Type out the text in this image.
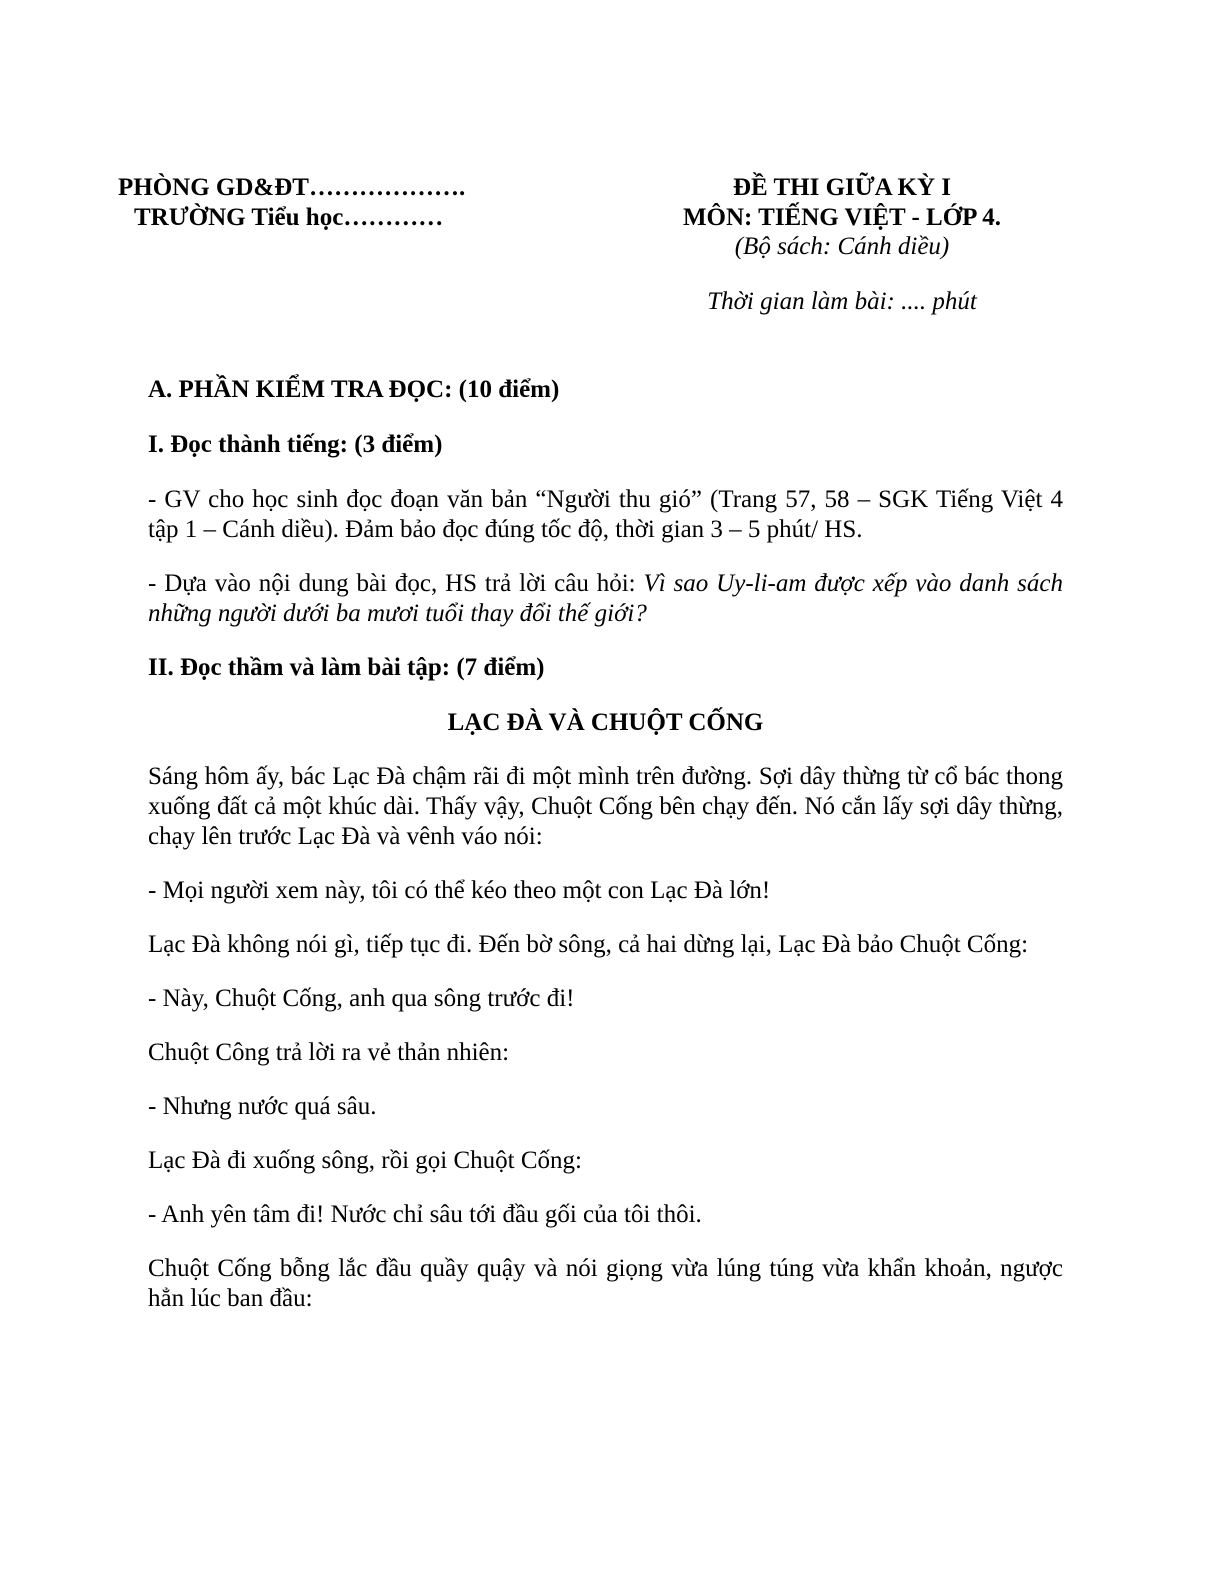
PHÒNG GD&ĐT……………….
TRƯỜNG Tiểu học…………
ĐỀ THI GIỮA KỲ I
MÔN: TIẾNG VIỆT - LỚP 4.
(Bộ sách: Cánh diều)
Thời gian làm bài: .... phút

A. PHẦN KIỂM TRA ĐỌC: (10 điểm)

I. Đọc thành tiếng: (3 điểm)

- GV cho học sinh đọc đoạn văn bản “Người thu gió” (Trang 57, 58 – SGK Tiếng Việt 4 tập 1 – Cánh diều). Đảm bảo đọc đúng tốc độ, thời gian 3 – 5 phút/ HS.

- Dựa vào nội dung bài đọc, HS trả lời câu hỏi: Vì sao Uy-li-am được xếp vào danh sách những người dưới ba mươi tuổi thay đổi thế giới?

II. Đọc thầm và làm bài tập: (7 điểm)

LẠC ĐÀ VÀ CHUỘT CỐNG

Sáng hôm ấy, bác Lạc Đà chậm rãi đi một mình trên đường. Sợi dây thừng từ cổ bác thong xuống đất cả một khúc dài. Thấy vậy, Chuột Cống bên chạy đến. Nó cắn lấy sợi dây thừng, chạy lên trước Lạc Đà và vênh váo nói:

- Mọi người xem này, tôi có thể kéo theo một con Lạc Đà lớn!

Lạc Đà không nói gì, tiếp tục đi. Đến bờ sông, cả hai dừng lại, Lạc Đà bảo Chuột Cống:

- Này, Chuột Cống, anh qua sông trước đi!

Chuột Công trả lời ra vẻ thản nhiên:

- Nhưng nước quá sâu.

Lạc Đà đi xuống sông, rồi gọi Chuột Cống:

- Anh yên tâm đi! Nước chỉ sâu tới đầu gối của tôi thôi.

Chuột Cống bỗng lắc đầu quầy quậy và nói giọng vừa lúng túng vừa khẩn khoản, ngược hẳn lúc ban đầu:
